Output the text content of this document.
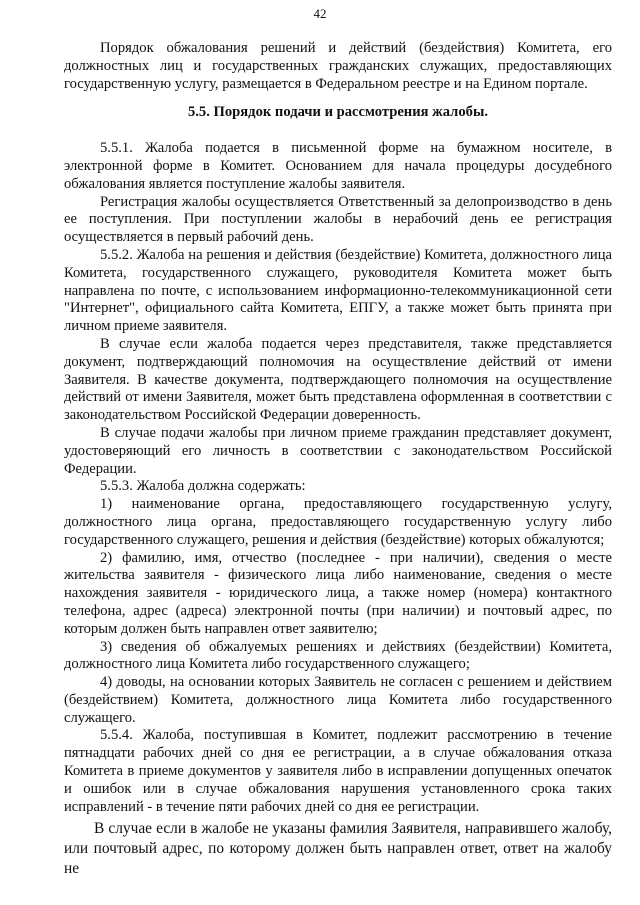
42

Порядок обжалования решений и действий (бездействия) Комитета, его должностных лиц и государственных гражданских служащих, предоставляющих государственную услугу, размещается в Федеральном реестре и на Едином портале.

5.5. Порядок подачи и рассмотрения жалобы.

5.5.1. Жалоба подается в письменной форме на бумажном носителе, в электронной форме в Комитет. Основанием для начала процедуры досудебного обжалования является поступление жалобы заявителя.

Регистрация жалобы осуществляется Ответственный за делопроизводство в день ее поступления. При поступлении жалобы в нерабочий день ее регистрация осуществляется в первый рабочий день.

5.5.2. Жалоба на решения и действия (бездействие) Комитета, должностного лица Комитета, государственного служащего, руководителя Комитета может быть направлена по почте, с использованием информационно-телекоммуникационной сети "Интернет", официального сайта Комитета, ЕПГУ, а также может быть принята при личном приеме заявителя.

В случае если жалоба подается через представителя, также представляется документ, подтверждающий полномочия на осуществление действий от имени Заявителя. В качестве документа, подтверждающего полномочия на осуществление действий от имени Заявителя, может быть представлена оформленная в соответствии с законодательством Российской Федерации доверенность.

В случае подачи жалобы при личном приеме гражданин представляет документ, удостоверяющий его личность в соответствии с законодательством Российской Федерации.

5.5.3. Жалоба должна содержать:

1) наименование органа, предоставляющего государственную услугу, должностного лица органа, предоставляющего государственную услугу либо государственного служащего, решения и действия (бездействие) которых обжалуются;

2) фамилию, имя, отчество (последнее - при наличии), сведения о месте жительства заявителя - физического лица либо наименование, сведения о месте нахождения заявителя - юридического лица, а также номер (номера) контактного телефона, адрес (адреса) электронной почты (при наличии) и почтовый адрес, по которым должен быть направлен ответ заявителю;

3) сведения об обжалуемых решениях и действиях (бездействии) Комитета, должностного лица Комитета либо государственного служащего;

4) доводы, на основании которых Заявитель не согласен с решением и действием (бездействием) Комитета, должностного лица Комитета либо государственного служащего.

5.5.4. Жалоба, поступившая в Комитет, подлежит рассмотрению в течение пятнадцати рабочих дней со дня ее регистрации, а в случае обжалования отказа Комитета в приеме документов у заявителя либо в исправлении допущенных опечаток и ошибок или в случае обжалования нарушения установленного срока таких исправлений - в течение пяти рабочих дней со дня ее регистрации.

В случае если в жалобе не указаны фамилия Заявителя, направившего жалобу, или почтовый адрес, по которому должен быть направлен ответ, ответ на жалобу не
